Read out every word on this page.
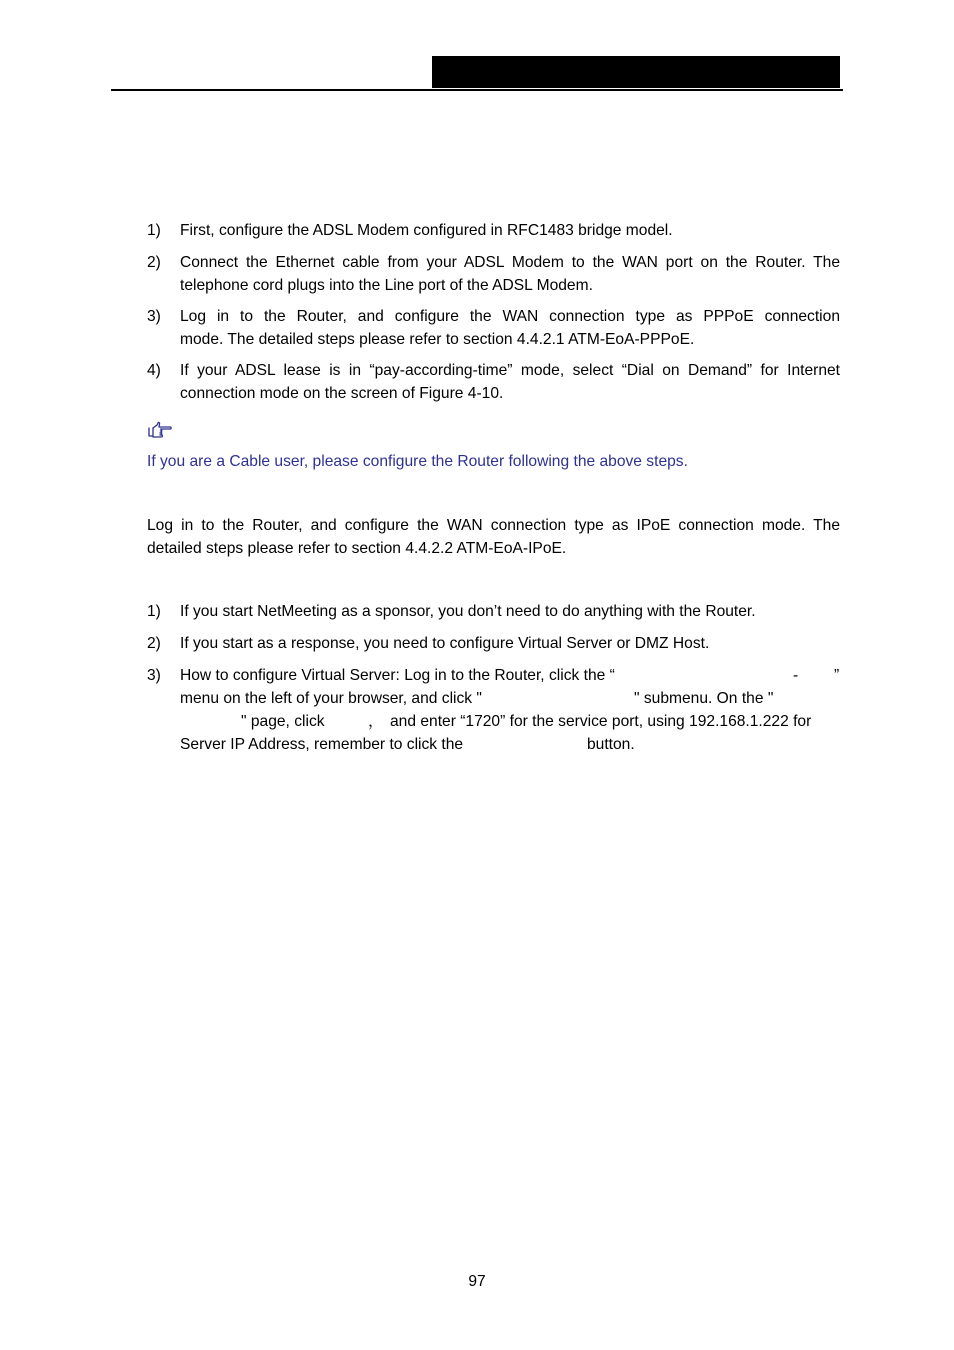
1) First, configure the ADSL Modem configured in RFC1483 bridge model.
2) Connect the Ethernet cable from your ADSL Modem to the WAN port on the Router. The
telephone cord plugs into the Line port of the ADSL Modem.
3) Log in to the Router, and configure the WAN connection type as PPPoE connection
mode. The detailed steps please refer to section 4.4.2.1 ATM-EoA-PPPoE.
4) If your ADSL lease is in “pay-according-time” mode, select “Dial on Demand” for Internet
connection mode on the screen of Figure 4-10.
If you are a Cable user, please configure the Router following the above steps.
Log in to the Router, and configure the WAN connection type as IPoE connection mode. The
detailed steps please refer to section 4.4.2.2 ATM-EoA-IPoE.
1) If you start NetMeeting as a sponsor, you don’t need to do anything with the Router.
2) If you start as a response, you need to configure Virtual Server or DMZ Host.
3) How to configure Virtual Server: Log in to the Router, click the “	- ”
menu on the left of your browser, and click "	" submenu. On the "
" page, click	， and enter “1720” for the service port, using 192.168.1.222 for
Server IP Address, remember to click the	button.
97
